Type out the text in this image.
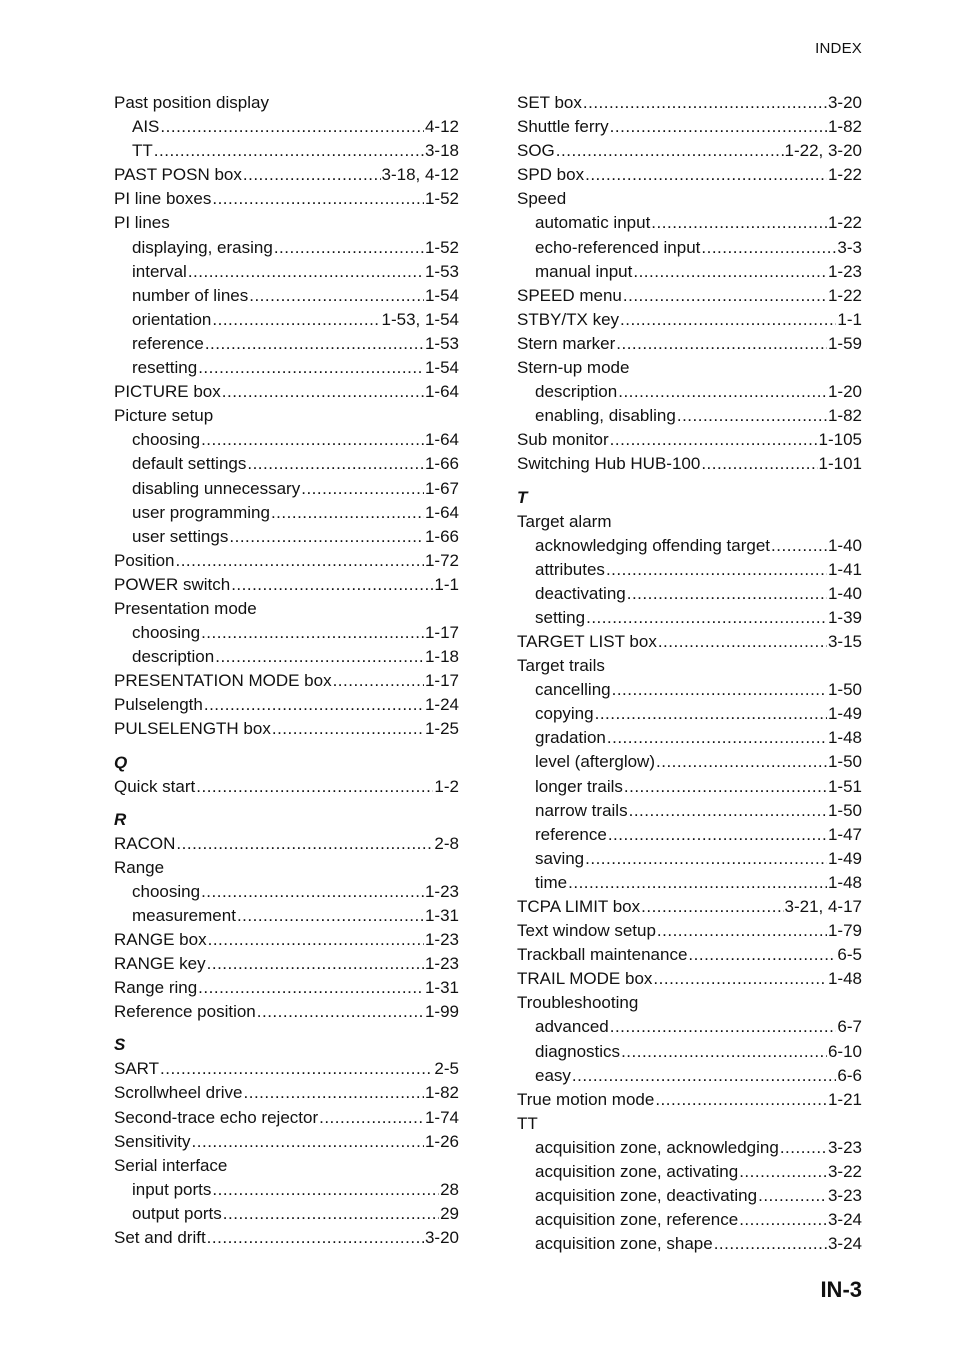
INDEX
Past position display
AIS .....	4-12
TT .....	3-18
PAST POSN box .....	3-18, 4-12
PI line boxes .....	1-52
PI lines
displaying, erasing .....	1-52
interval .....	1-53
number of lines .....	1-54
orientation .....	1-53, 1-54
reference .....	1-53
resetting .....	1-54
PICTURE box .....	1-64
Picture setup
choosing .....	1-64
default settings .....	1-66
disabling unnecessary .....	1-67
user programming .....	1-64
user settings .....	1-66
Position .....	1-72
POWER switch .....	1-1
Presentation mode
choosing .....	1-17
description .....	1-18
PRESENTATION MODE box .....	1-17
Pulselength .....	1-24
PULSELENGTH box .....	1-25
Q
Quick start .....	1-2
R
RACON .....	2-8
Range
choosing .....	1-23
measurement .....	1-31
RANGE box .....	1-23
RANGE key .....	1-23
Range ring .....	1-31
Reference position .....	1-99
S
SART .....	2-5
Scrollwheel drive .....	1-82
Second-trace echo rejector .....	1-74
Sensitivity .....	1-26
Serial interface
input ports .....	28
output ports .....	29
Set and drift .....	3-20
SET box .....	3-20
Shuttle ferry .....	1-82
SOG .....	1-22, 3-20
SPD box .....	1-22
Speed
automatic input .....	1-22
echo-referenced input .....	3-3
manual input .....	1-23
SPEED menu .....	1-22
STBY/TX key .....	1-1
Stern marker .....	1-59
Stern-up mode
description .....	1-20
enabling, disabling .....	1-82
Sub monitor .....	1-105
Switching Hub HUB-100 .....	1-101
T
Target alarm
acknowledging offending target .....	1-40
attributes .....	1-41
deactivating .....	1-40
setting .....	1-39
TARGET LIST box .....	3-15
Target trails
cancelling .....	1-50
copying .....	1-49
gradation .....	1-48
level (afterglow) .....	1-50
longer trails .....	1-51
narrow trails .....	1-50
reference .....	1-47
saving .....	1-49
time .....	1-48
TCPA LIMIT box .....	3-21, 4-17
Text window setup .....	1-79
Trackball maintenance .....	6-5
TRAIL MODE box .....	1-48
Troubleshooting
advanced .....	6-7
diagnostics .....	6-10
easy .....	6-6
True motion mode .....	1-21
TT
acquisition zone, acknowledging .....	3-23
acquisition zone, activating .....	3-22
acquisition zone, deactivating .....	3-23
acquisition zone, reference .....	3-24
acquisition zone, shape .....	3-24
IN-3
